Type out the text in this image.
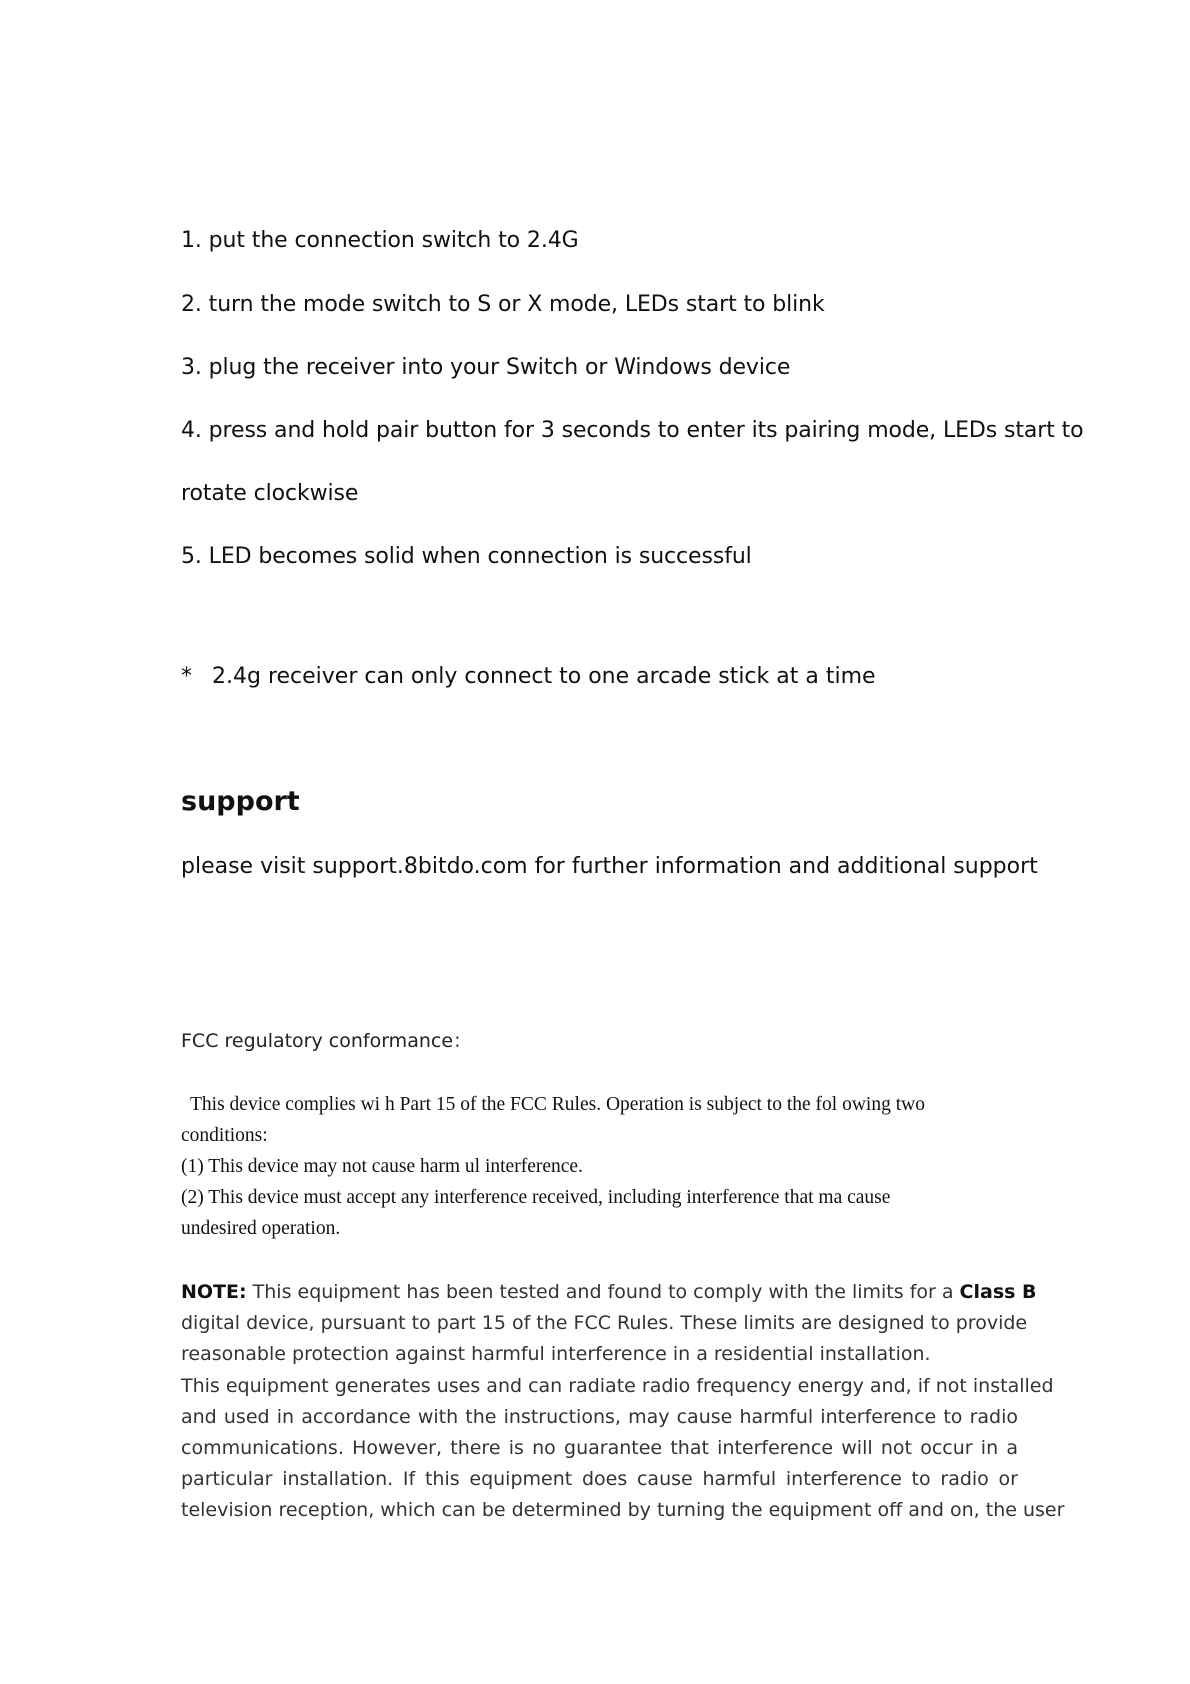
1. put the connection switch to 2.4G
2. turn the mode switch to S or X mode, LEDs start to blink
3. plug the receiver into your Switch or Windows device
4. press and hold pair button for 3 seconds to enter its pairing mode, LEDs start to
rotate clockwise
5. LED becomes solid when connection is successful
* 2.4g receiver can only connect to one arcade stick at a time
support
please visit support.8bitdo.com for further information and additional support
FCC regulatory conformance：
This device complies wi h Part 15 of the FCC Rules. Operation is subject to the fol owing two
conditions:
(1) This device may not cause harm ul interference.
(2) This device must accept any interference received, including interference that ma cause
undesired operation.
NOTE: This equipment has been tested and found to comply with the limits for a Class B
digital device, pursuant to part 15 of the FCC Rules. These limits are designed to provide
reasonable protection against harmful interference in a residential installation.
This equipment generates uses and can radiate radio frequency energy and, if not installed
and used in accordance with the instructions, may cause harmful interference to radio
communications. However, there is no guarantee that interference will not occur in a
particular installation. If this equipment does cause harmful interference to radio or
television reception, which can be determined by turning the equipment off and on, the user
